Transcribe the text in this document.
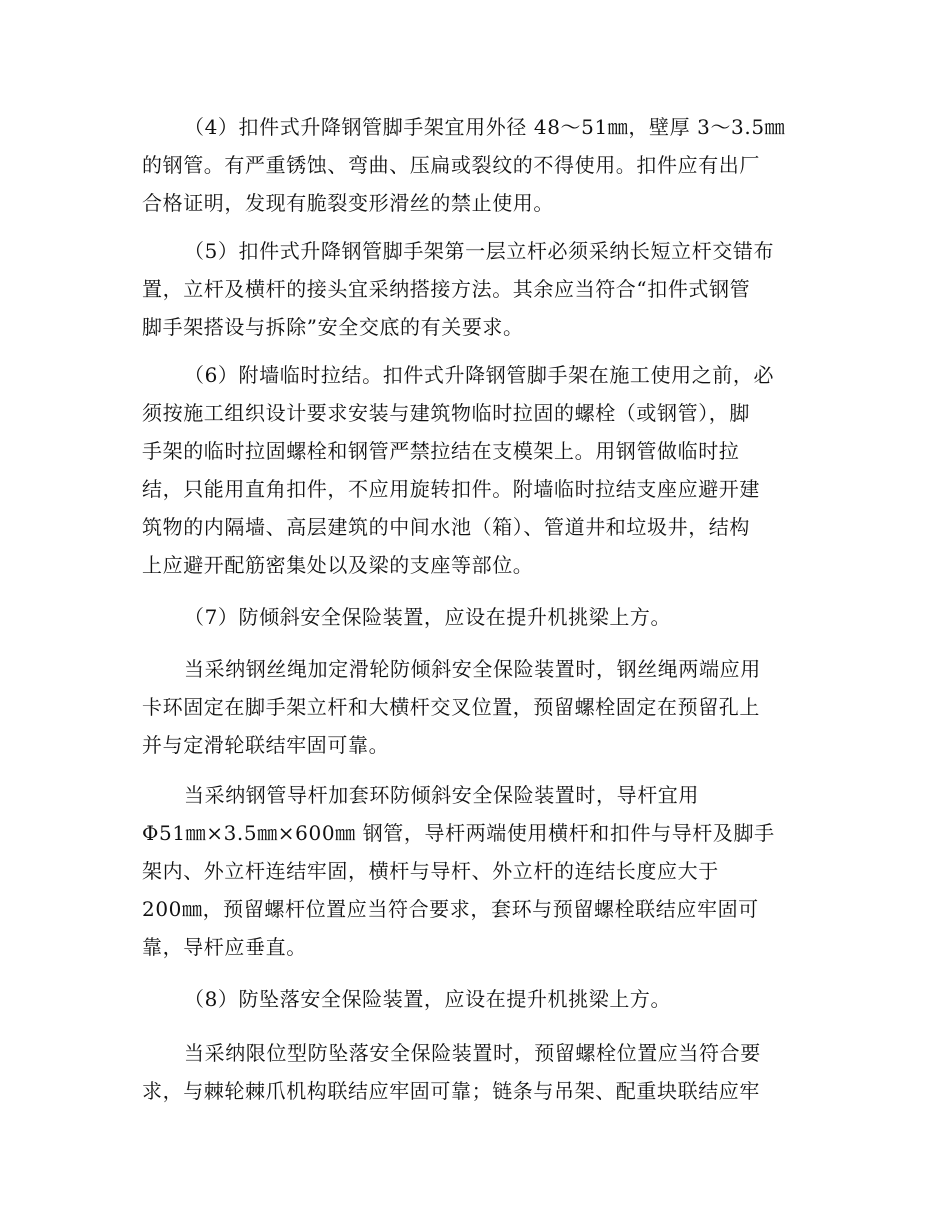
（4）扣件式升降钢管脚手架宜用外径 48～51㎜，壁厚 3～3.5㎜
的钢管。有严重锈蚀、弯曲、压扁或裂纹的不得使用。扣件应有出厂
合格证明，发现有脆裂变形滑丝的禁止使用。
（5）扣件式升降钢管脚手架第一层立杆必须采纳长短立杆交错布
置，立杆及横杆的接头宜采纳搭接方法。其余应当符合“扣件式钢管
脚手架搭设与拆除”安全交底的有关要求。
（6）附墙临时拉结。扣件式升降钢管脚手架在施工使用之前，必
须按施工组织设计要求安装与建筑物临时拉固的螺栓（或钢管），脚
手架的临时拉固螺栓和钢管严禁拉结在支模架上。用钢管做临时拉
结，只能用直角扣件，不应用旋转扣件。附墙临时拉结支座应避开建
筑物的内隔墙、高层建筑的中间水池（箱）、管道井和垃圾井，结构
上应避开配筋密集处以及梁的支座等部位。
（7）防倾斜安全保险装置，应设在提升机挑梁上方。
当采纳钢丝绳加定滑轮防倾斜安全保险装置时，钢丝绳两端应用
卡环固定在脚手架立杆和大横杆交叉位置，预留螺栓固定在预留孔上
并与定滑轮联结牢固可靠。
当采纳钢管导杆加套环防倾斜安全保险装置时，导杆宜用
Φ51㎜×3.5㎜×600㎜ 钢管，导杆两端使用横杆和扣件与导杆及脚手
架内、外立杆连结牢固，横杆与导杆、外立杆的连结长度应大于
200㎜，预留螺杆位置应当符合要求，套环与预留螺栓联结应牢固可
靠，导杆应垂直。
（8）防坠落安全保险装置，应设在提升机挑梁上方。
当采纳限位型防坠落安全保险装置时，预留螺栓位置应当符合要
求，与棘轮棘爪机构联结应牢固可靠；链条与吊架、配重块联结应牢
